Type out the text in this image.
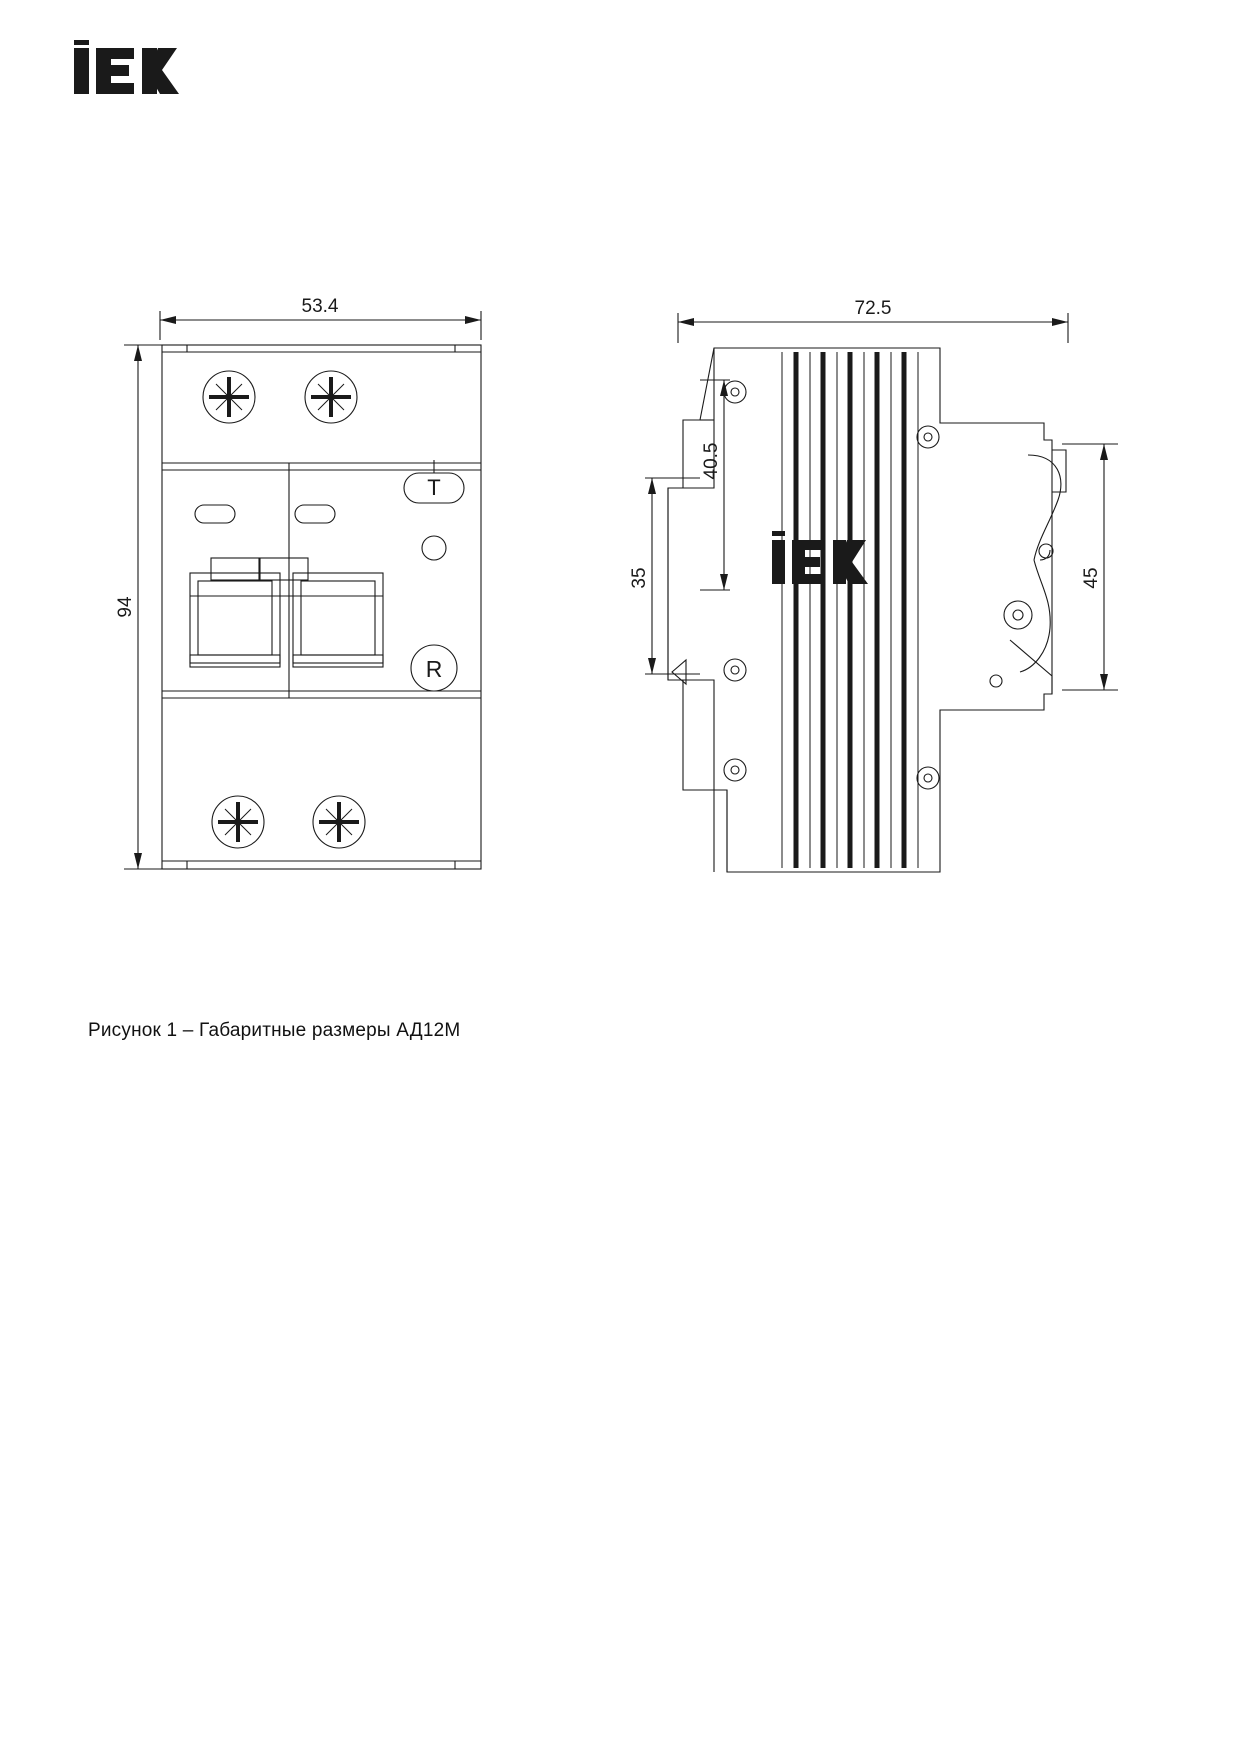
T
R
53.4
94
72.5
40.5
35	45
Рисунок 1 – Габаритные размеры АД12М
